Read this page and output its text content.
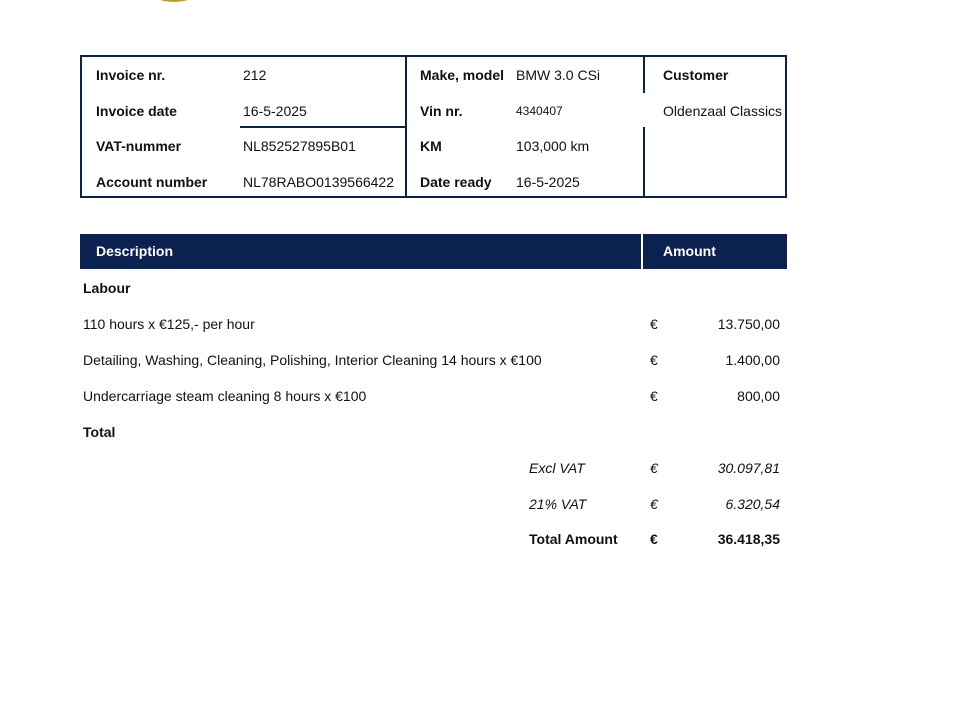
Invoice nr.	212
Invoice date	16-5-2025
VAT-nummer	NL852527895B01
Account number	NL78RABO0139566422
Make, model BMW 3.0 CSi
Vin nr.	4340407
KM	103,000 km
Date ready 16-5-2025
Customer
Oldenzaal Classics
Description	Amount
Labour
110 hours x €125,- per hour	€	13.750,00
Detailing, Washing, Cleaning, Polishing, Interior Cleaning 14 hours x €100	€	1.400,00
Undercarriage steam cleaning 8 hours x €100	€	800,00
Total
Excl VAT	€	30.097,81
21% VAT	€	6.320,54
Total Amount €	36.418,35
